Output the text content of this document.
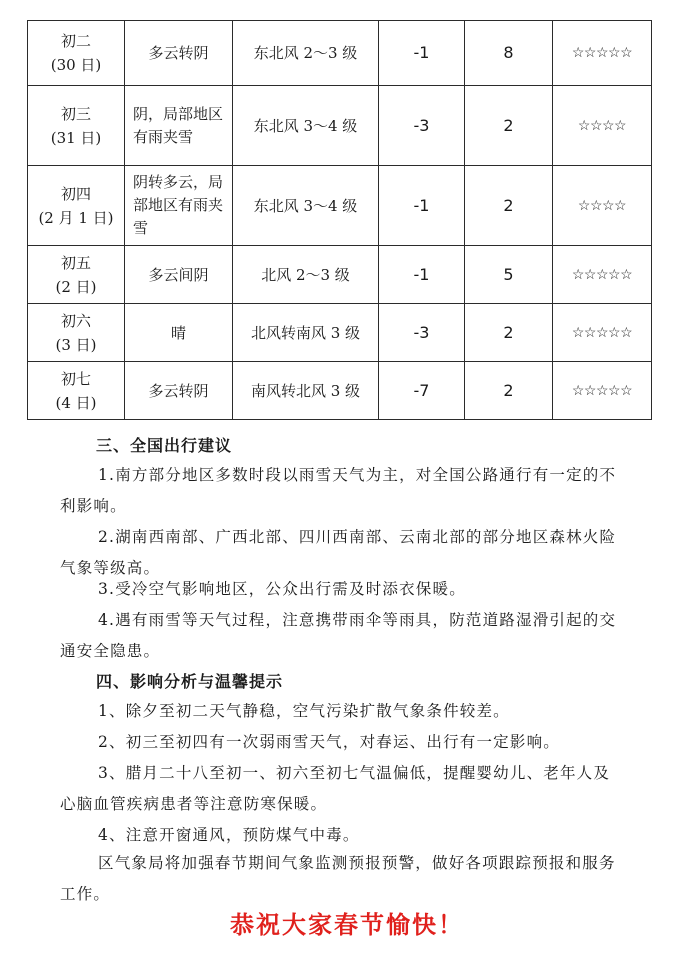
初二
(30 日)	多云转阴	东北风 2～3 级	-1	8	☆☆☆☆☆
初三
(31 日)	阴，局部地区有雨夹雪	东北风 3～4 级	-3	2	☆☆☆☆
初四
(2 月 1 日)	阴转多云，局部地区有雨夹雪	东北风 3～4 级	-1	2	☆☆☆☆
初五
(2 日)	多云间阴	北风 2～3 级	-1	5	☆☆☆☆☆
初六
(3 日)	晴	北风转南风 3 级	-3	2	☆☆☆☆☆
初七
(4 日)	多云转阴	南风转北风 3 级	-7	2	☆☆☆☆☆
三、全国出行建议

1.南方部分地区多数时段以雨雪天气为主，对全国公路通行有一定的不利影响。

2.湖南西南部、广西北部、四川西南部、云南北部的部分地区森林火险气象等级高。

3.受冷空气影响地区，公众出行需及时添衣保暖。

4.遇有雨雪等天气过程，注意携带雨伞等雨具，防范道路湿滑引起的交通安全隐患。

四、影响分析与温馨提示

1、除夕至初二天气静稳，空气污染扩散气象条件较差。

2、初三至初四有一次弱雨雪天气，对春运、出行有一定影响。

3、腊月二十八至初一、初六至初七气温偏低，提醒婴幼儿、老年人及心脑血管疾病患者等注意防寒保暖。

4、注意开窗通风，预防煤气中毒。

区气象局将加强春节期间气象监测预报预警，做好各项跟踪预报和服务工作。

恭祝大家春节愉快！
